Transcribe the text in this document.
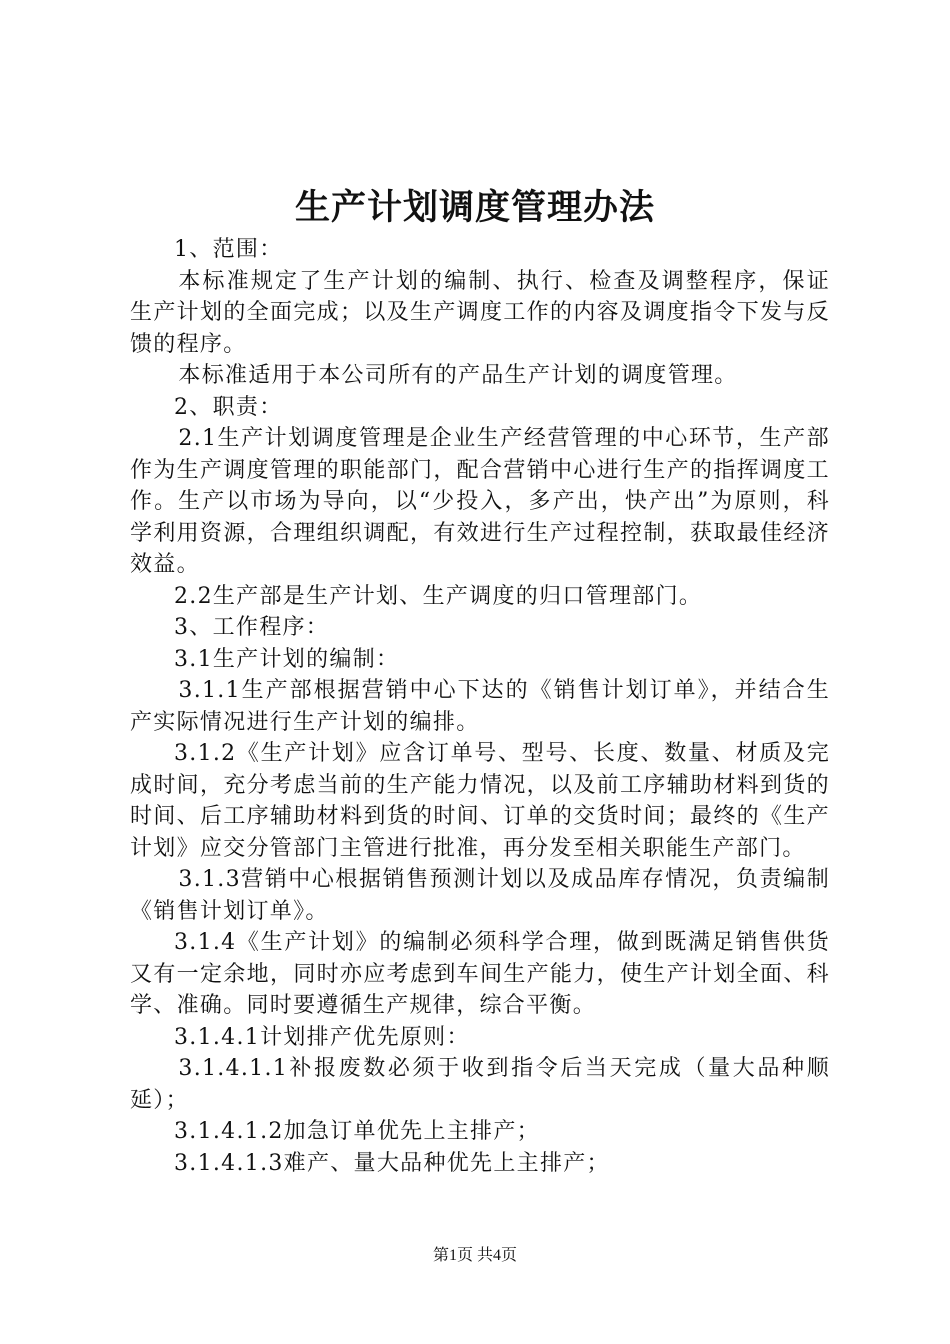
生产计划调度管理办法

1、范围：

本标准规定了生产计划的编制、执行、检查及调整程序，保证生产计划的全面完成；以及生产调度工作的内容及调度指令下发与反馈的程序。

本标准适用于本公司所有的产品生产计划的调度管理。

2、职责：

2.1生产计划调度管理是企业生产经营管理的中心环节，生产部作为生产调度管理的职能部门，配合营销中心进行生产的指挥调度工作。生产以市场为导向，以“少投入，多产出，快产出”为原则，科学利用资源，合理组织调配，有效进行生产过程控制，获取最佳经济效益。

2.2生产部是生产计划、生产调度的归口管理部门。

3、工作程序：

3.1生产计划的编制：

3.1.1生产部根据营销中心下达的《销售计划订单》，并结合生产实际情况进行生产计划的编排。

3.1.2《生产计划》应含订单号、型号、长度、数量、材质及完成时间，充分考虑当前的生产能力情况，以及前工序辅助材料到货的时间、后工序辅助材料到货的时间、订单的交货时间；最终的《生产计划》应交分管部门主管进行批准，再分发至相关职能生产部门。

3.1.3营销中心根据销售预测计划以及成品库存情况，负责编制《销售计划订单》。

3.1.4《生产计划》的编制必须科学合理，做到既满足销售供货又有一定余地，同时亦应考虑到车间生产能力，使生产计划全面、科学、准确。同时要遵循生产规律，综合平衡。

3.1.4.1计划排产优先原则：

3.1.4.1.1补报废数必须于收到指令后当天完成（量大品种顺延）；

3.1.4.1.2加急订单优先上主排产；

3.1.4.1.3难产、量大品种优先上主排产；

第1页 共4页
